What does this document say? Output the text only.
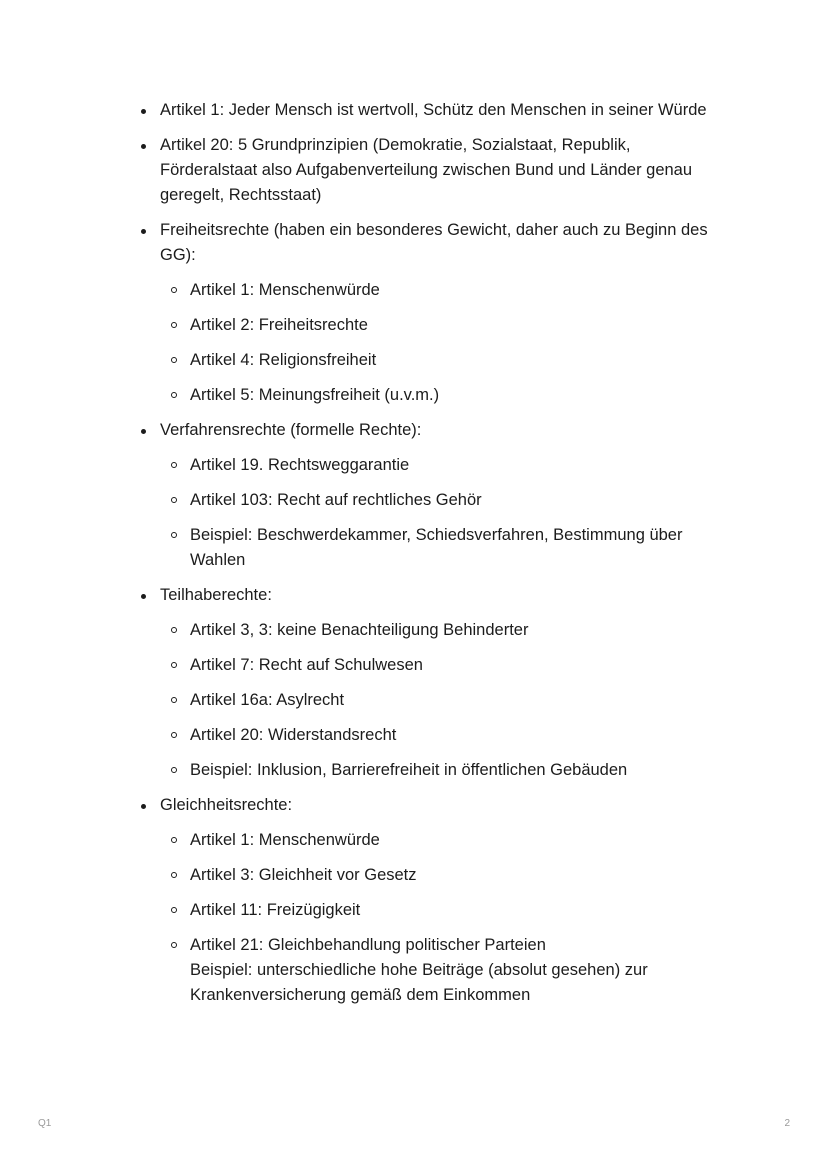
Artikel 1: Jeder Mensch ist wertvoll, Schütz den Menschen in seiner Würde
Artikel 20: 5 Grundprinzipien (Demokratie, Sozialstaat, Republik, Förderalstaat also Aufgabenverteilung zwischen Bund und Länder genau geregelt, Rechtsstaat)
Freiheitsrechte (haben ein besonderes Gewicht, daher auch zu Beginn des GG):
Artikel 1: Menschenwürde
Artikel 2: Freiheitsrechte
Artikel 4: Religionsfreiheit
Artikel 5: Meinungsfreiheit (u.v.m.)
Verfahrensrechte (formelle Rechte):
Artikel 19. Rechtsweggarantie
Artikel 103: Recht auf rechtliches Gehör
Beispiel: Beschwerdekammer, Schiedsverfahren, Bestimmung über Wahlen
Teilhaberechte:
Artikel 3, 3: keine Benachteiligung Behinderter
Artikel 7: Recht auf Schulwesen
Artikel 16a: Asylrecht
Artikel 20: Widerstandsrecht
Beispiel: Inklusion, Barrierefreiheit in öffentlichen Gebäuden
Gleichheitsrechte:
Artikel 1: Menschenwürde
Artikel 3: Gleichheit vor Gesetz
Artikel 11: Freizügigkeit
Artikel 21: Gleichbehandlung politischer Parteien
Beispiel: unterschiedliche hohe Beiträge (absolut gesehen) zur Krankenversicherung gemäß dem Einkommen
Q1	2
